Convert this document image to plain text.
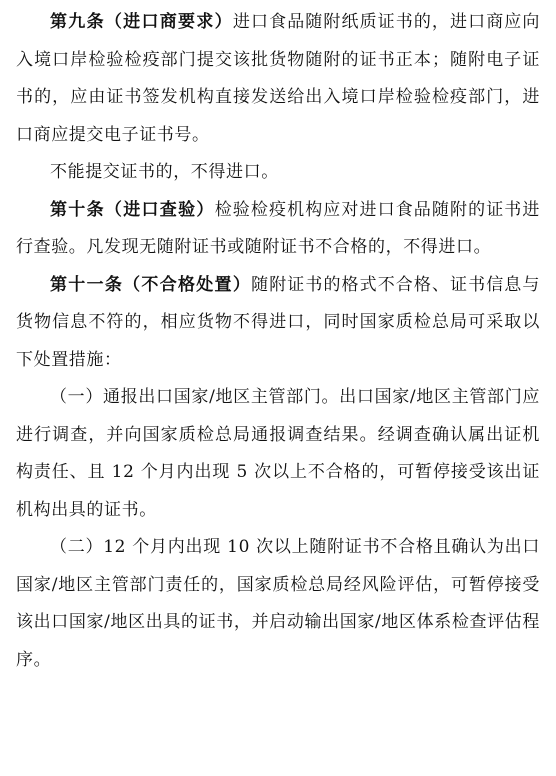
第九条（进口商要求）进口食品随附纸质证书的，进口商应向入境口岸检验检疫部门提交该批货物随附的证书正本；随附电子证书的，应由证书签发机构直接发送给出入境口岸检验检疫部门，进口商应提交电子证书号。

不能提交证书的，不得进口。

第十条（进口查验）检验检疫机构应对进口食品随附的证书进行查验。凡发现无随附证书或随附证书不合格的，不得进口。

第十一条（不合格处置）随附证书的格式不合格、证书信息与货物信息不符的，相应货物不得进口，同时国家质检总局可采取以下处置措施：

（一）通报出口国家/地区主管部门。出口国家/地区主管部门应进行调查，并向国家质检总局通报调查结果。经调查确认属出证机构责任、且 12 个月内出现 5 次以上不合格的，可暂停接受该出证机构出具的证书。

（二）12 个月内出现 10 次以上随附证书不合格且确认为出口国家/地区主管部门责任的，国家质检总局经风险评估，可暂停接受该出口国家/地区出具的证书，并启动输出国家/地区体系检查评估程序。
